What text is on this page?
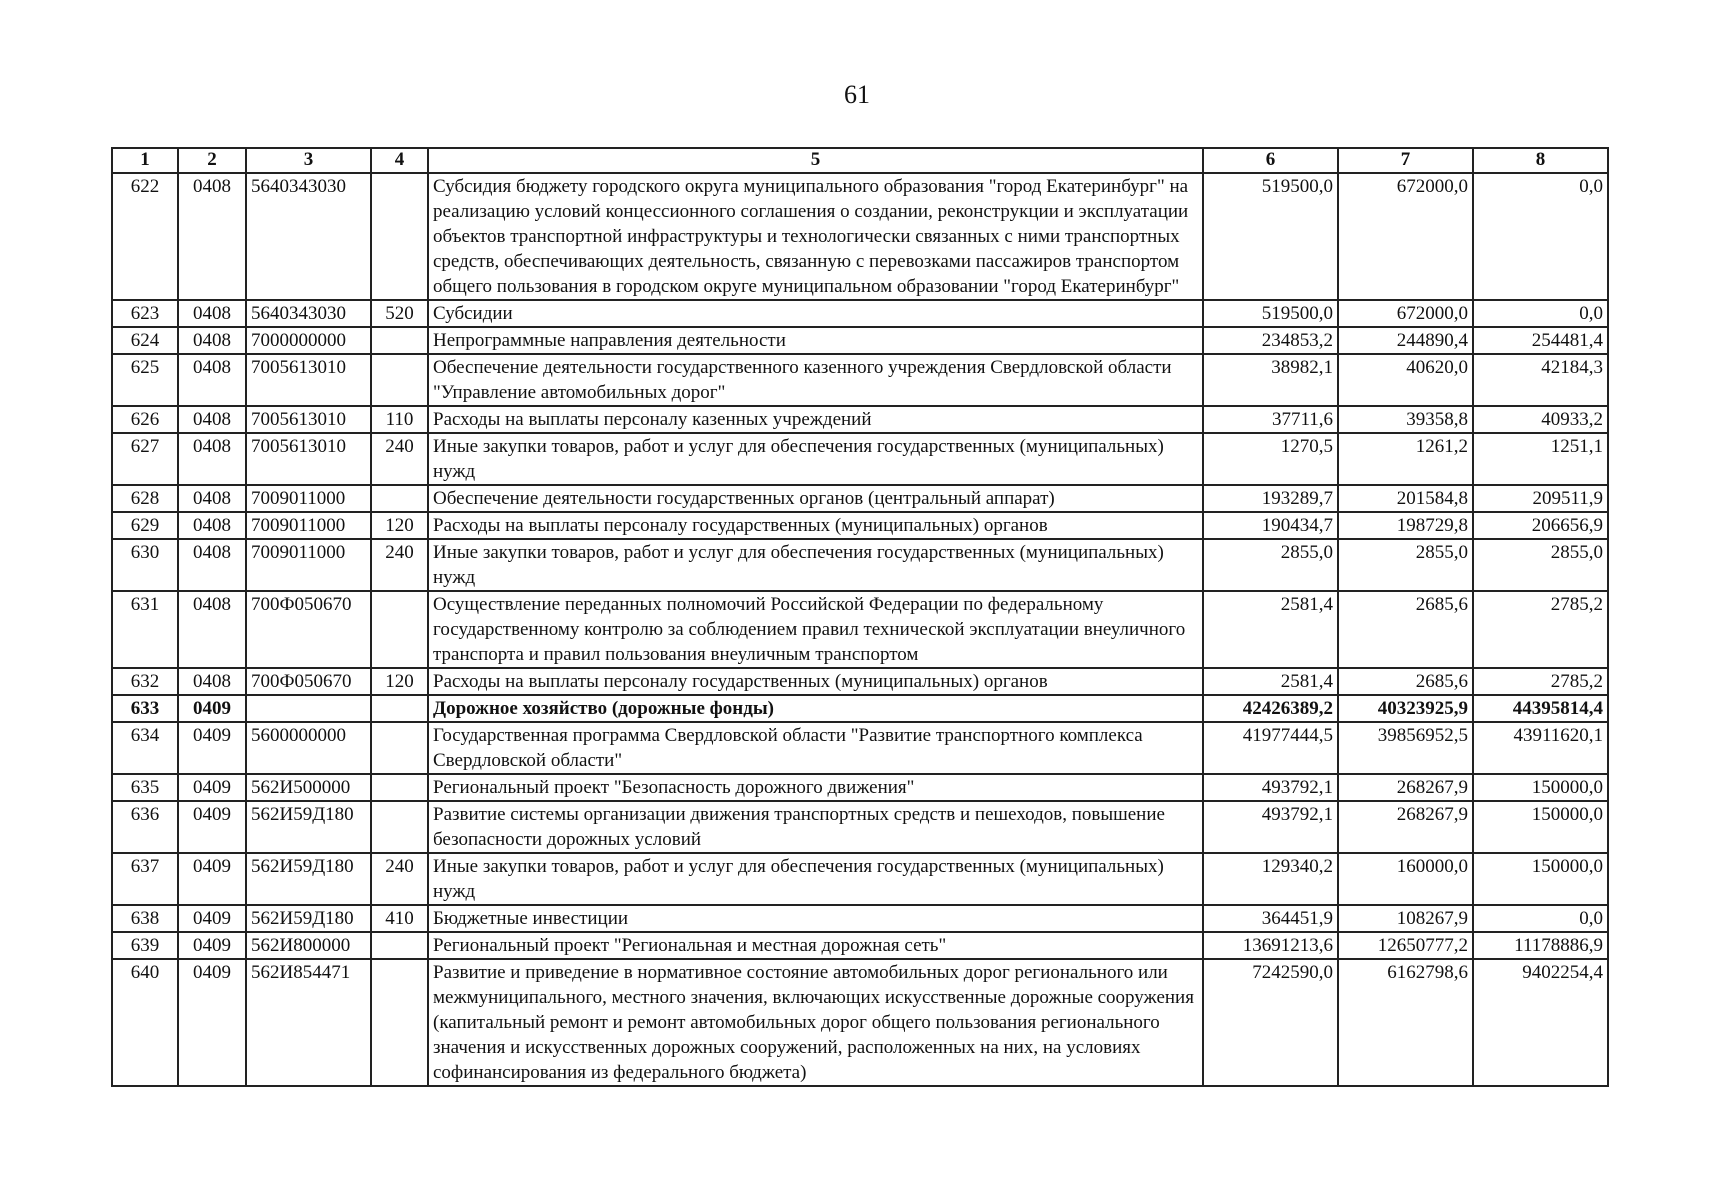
61
1	2	3	4	5	6	7	8
622	0408	5640343030		Субсидия бюджету городского округа муниципального образования "город Екатеринбург" на реализацию условий концессионного соглашения о создании, реконструкции и эксплуатации объектов транспортной инфраструктуры и технологически связанных с ними транспортных средств, обеспечивающих деятельность, связанную с перевозками пассажиров транспортом общего пользования в городском округе муниципальном образовании "город Екатеринбург"	519500,0	672000,0	0,0
623	0408	5640343030	520	Субсидии	519500,0	672000,0	0,0
624	0408	7000000000		Непрограммные направления деятельности	234853,2	244890,4	254481,4
625	0408	7005613010		Обеспечение деятельности государственного казенного учреждения Свердловской области "Управление автомобильных дорог"	38982,1	40620,0	42184,3
626	0408	7005613010	110	Расходы на выплаты персоналу казенных учреждений	37711,6	39358,8	40933,2
627	0408	7005613010	240	Иные закупки товаров, работ и услуг для обеспечения государственных (муниципальных) нужд	1270,5	1261,2	1251,1
628	0408	7009011000		Обеспечение деятельности государственных органов (центральный аппарат)	193289,7	201584,8	209511,9
629	0408	7009011000	120	Расходы на выплаты персоналу государственных (муниципальных) органов	190434,7	198729,8	206656,9
630	0408	7009011000	240	Иные закупки товаров, работ и услуг для обеспечения государственных (муниципальных) нужд	2855,0	2855,0	2855,0
631	0408	700Ф050670		Осуществление переданных полномочий Российской Федерации по федеральному государственному контролю за соблюдением правил технической эксплуатации внеуличного транспорта и правил пользования внеуличным транспортом	2581,4	2685,6	2785,2
632	0408	700Ф050670	120	Расходы на выплаты персоналу государственных (муниципальных) органов	2581,4	2685,6	2785,2
633	0409			Дорожное хозяйство (дорожные фонды)	42426389,2	40323925,9	44395814,4
634	0409	5600000000		Государственная программа Свердловской области "Развитие транспортного комплекса Свердловской области"	41977444,5	39856952,5	43911620,1
635	0409	562И500000		Региональный проект "Безопасность дорожного движения"	493792,1	268267,9	150000,0
636	0409	562И59Д180		Развитие системы организации движения транспортных средств и пешеходов, повышение безопасности дорожных условий	493792,1	268267,9	150000,0
637	0409	562И59Д180	240	Иные закупки товаров, работ и услуг для обеспечения государственных (муниципальных) нужд	129340,2	160000,0	150000,0
638	0409	562И59Д180	410	Бюджетные инвестиции	364451,9	108267,9	0,0
639	0409	562И800000		Региональный проект "Региональная и местная дорожная сеть"	13691213,6	12650777,2	11178886,9
640	0409	562И854471		Развитие и приведение в нормативное состояние автомобильных дорог регионального или межмуниципального, местного значения, включающих искусственные дорожные сооружения (капитальный ремонт и ремонт автомобильных дорог общего пользования регионального значения и искусственных дорожных сооружений, расположенных на них, на условиях софинансирования из федерального бюджета)	7242590,0	6162798,6	9402254,4
